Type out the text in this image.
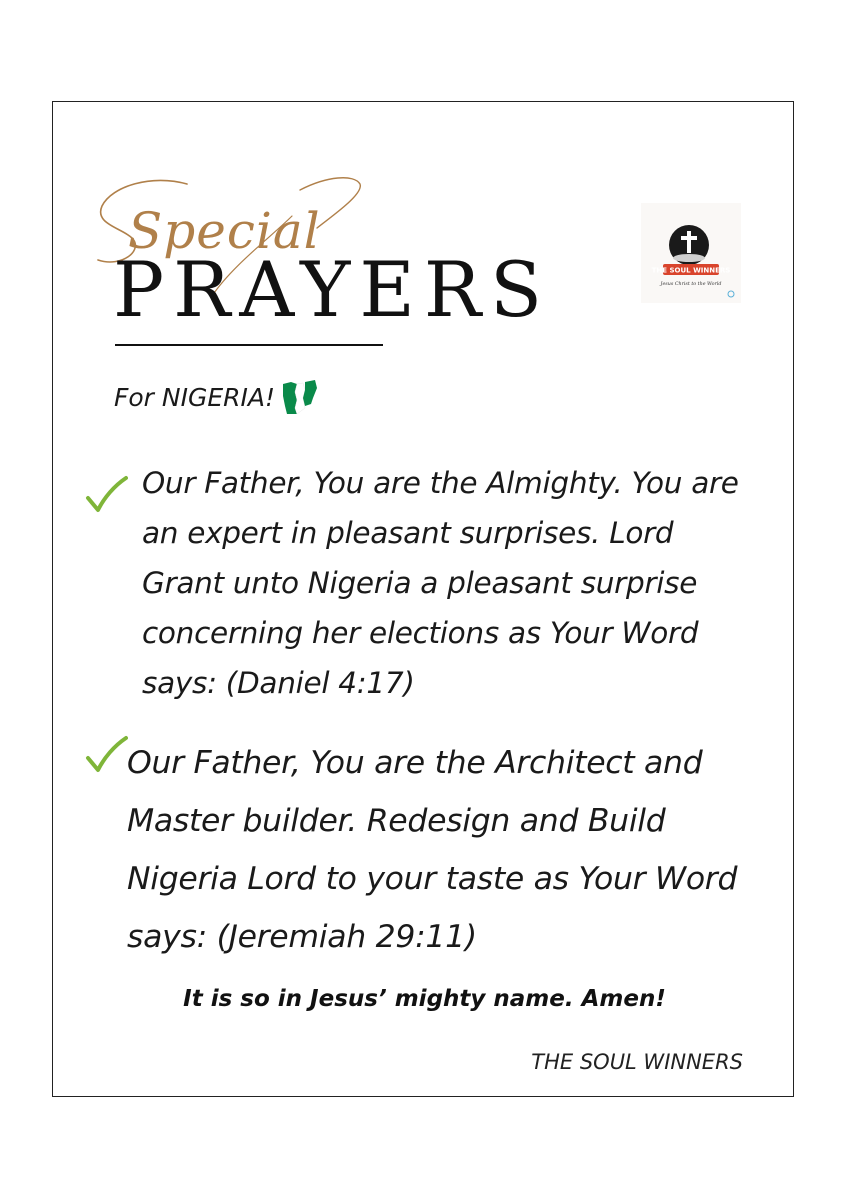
Special
PRAYERS	THE SOUL WINNERS
Jesus Christ to the World
For NIGERIA!

Our Father, You are the Almighty. You are an expert in pleasant surprises. Lord Grant unto Nigeria a pleasant surprise concerning her elections as Your Word says: (Daniel 4:17)

Our Father, You are the Architect and Master builder. Redesign and Build Nigeria Lord to your taste as Your Word says: (Jeremiah 29:11)

It is so in Jesus’ mighty name. Amen!
THE SOUL WINNERS
